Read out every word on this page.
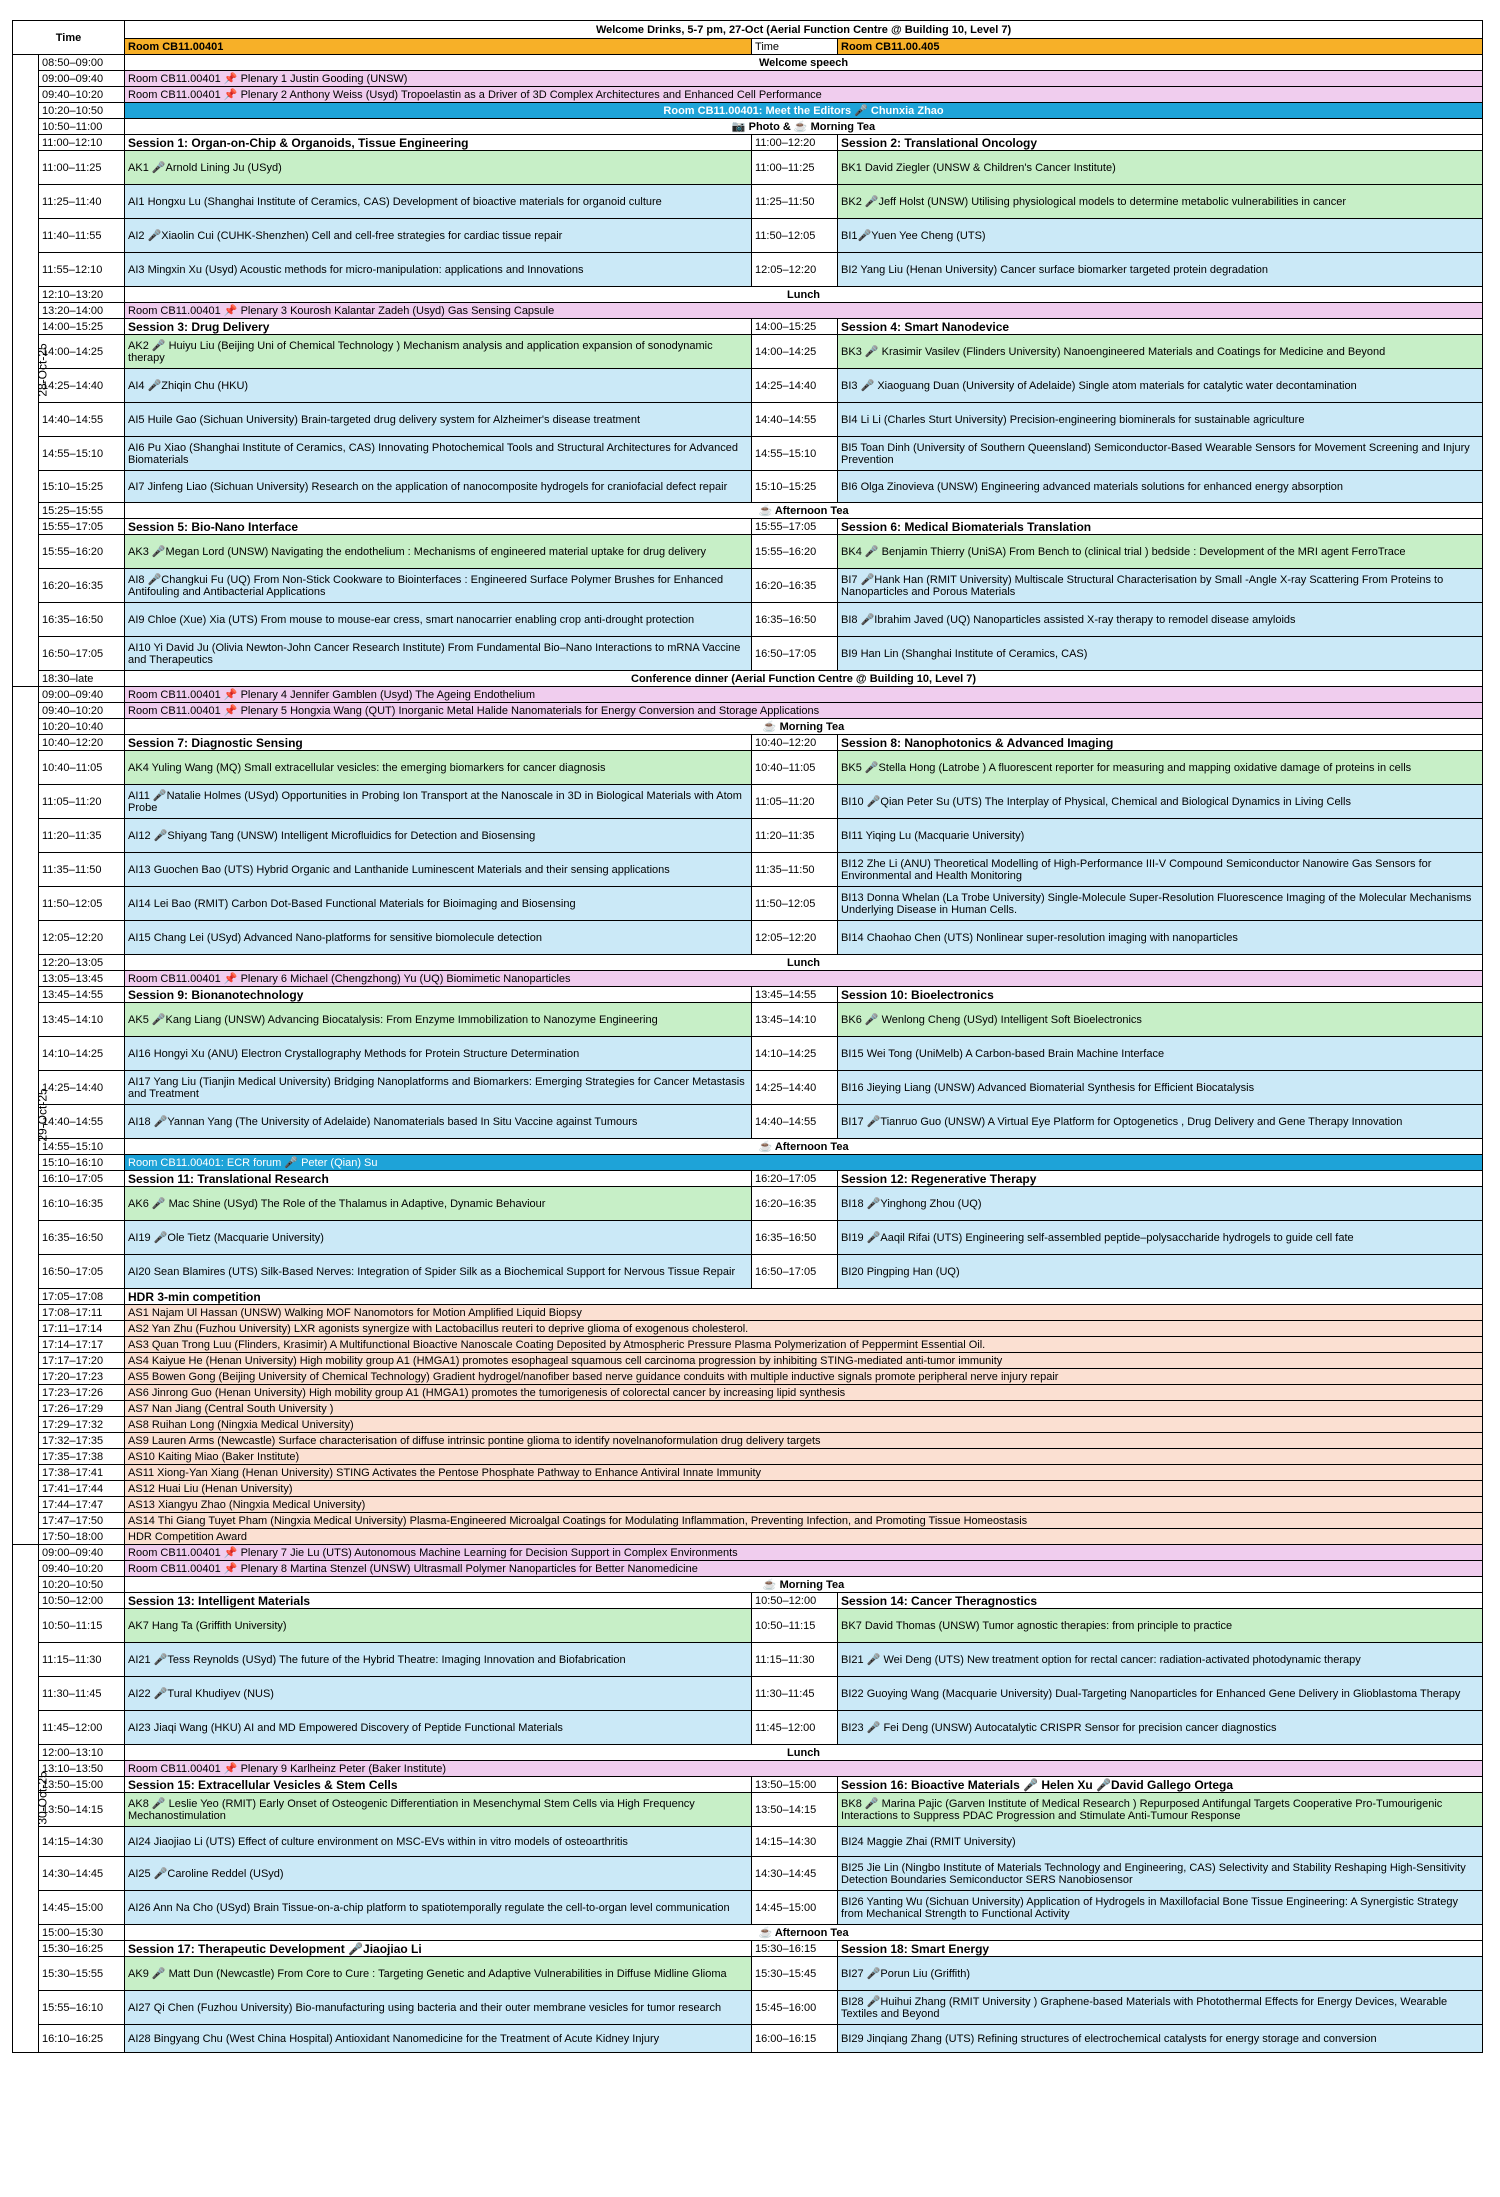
Time		Welcome Drinks, 5-7 pm, 27-Oct (Aerial Function Centre @ Building 10, Level 7)		
		Room CB11.00401	Time	Room CB11.00.405
28-Oct-25	08:50–09:00	Welcome speech		
	09:00–09:40	Room CB11.00401 📌 Plenary 1 Justin Gooding (UNSW)		
	09:40–10:20	Room CB11.00401 📌 Plenary 2 Anthony Weiss (Usyd) Tropoelastin as a Driver of 3D Complex Architectures and Enhanced Cell Performance		
	10:20–10:50	Room CB11.00401: Meet the Editors 🎤 Chunxia Zhao		
	10:50–11:00	📷 Photo & ☕ Morning Tea		
	11:00–12:10	Session 1: Organ-on-Chip & Organoids, Tissue Engineering	11:00–12:20	Session 2: Translational Oncology
	11:00–11:25	AK1 🎤Arnold Lining Ju (USyd)	11:00–11:25	BK1 David Ziegler (UNSW & Children's Cancer Institute)
	11:25–11:40	AI1 Hongxu Lu (Shanghai Institute of Ceramics, CAS) Development of bioactive materials for organoid culture	11:25–11:50	BK2 🎤Jeff Holst (UNSW) Utilising physiological models to determine metabolic vulnerabilities in cancer
	11:40–11:55	AI2 🎤Xiaolin Cui (CUHK-Shenzhen) Cell and cell-free strategies for cardiac tissue repair	11:50–12:05	BI1🎤Yuen Yee Cheng (UTS)
	11:55–12:10	AI3 Mingxin Xu (Usyd) Acoustic methods for micro-manipulation: applications and Innovations	12:05–12:20	BI2 Yang Liu (Henan University) Cancer surface biomarker targeted protein degradation
	12:10–13:20	Lunch		
	13:20–14:00	Room CB11.00401 📌 Plenary 3 Kourosh Kalantar Zadeh (Usyd) Gas Sensing Capsule		
	14:00–15:25	Session 3: Drug Delivery	14:00–15:25	Session 4: Smart Nanodevice
	14:00–14:25	AK2 🎤 Huiyu Liu (Beijing Uni of Chemical Technology ) Mechanism analysis and application expansion of sonodynamic therapy	14:00–14:25	BK3 🎤 Krasimir Vasilev (Flinders University) Nanoengineered Materials and Coatings for Medicine and Beyond
	14:25–14:40	AI4 🎤Zhiqin Chu (HKU)	14:25–14:40	BI3 🎤 Xiaoguang Duan (University of Adelaide) Single atom materials for catalytic water decontamination
	14:40–14:55	AI5 Huile Gao (Sichuan University) Brain-targeted drug delivery system for Alzheimer's disease treatment	14:40–14:55	BI4 Li Li (Charles Sturt University) Precision-engineering biominerals for sustainable agriculture
	14:55–15:10	AI6 Pu Xiao (Shanghai Institute of Ceramics, CAS) Innovating Photochemical Tools and Structural Architectures for Advanced Biomaterials	14:55–15:10	BI5 Toan Dinh (University of Southern Queensland) Semiconductor-Based Wearable Sensors for Movement Screening and Injury Prevention
	15:10–15:25	AI7 Jinfeng Liao (Sichuan University) Research on the application of nanocomposite hydrogels for craniofacial defect repair	15:10–15:25	BI6 Olga Zinovieva (UNSW) Engineering advanced materials solutions for enhanced energy absorption
	15:25–15:55	☕ Afternoon Tea		
	15:55–17:05	Session 5: Bio-Nano Interface	15:55–17:05	Session 6: Medical Biomaterials Translation
	15:55–16:20	AK3 🎤Megan Lord (UNSW) Navigating the endothelium : Mechanisms of engineered material uptake for drug delivery	15:55–16:20	BK4 🎤 Benjamin Thierry (UniSA) From Bench to (clinical trial ) bedside : Development of the MRI agent FerroTrace
	16:20–16:35	AI8 🎤Changkui Fu (UQ) From Non-Stick Cookware to Biointerfaces : Engineered Surface Polymer Brushes for Enhanced Antifouling and Antibacterial Applications	16:20–16:35	BI7 🎤Hank Han (RMIT University) Multiscale Structural Characterisation by Small -Angle X-ray Scattering From Proteins to Nanoparticles and Porous Materials
	16:35–16:50	AI9 Chloe (Xue) Xia (UTS) From mouse to mouse-ear cress, smart nanocarrier enabling crop anti-drought protection	16:35–16:50	BI8 🎤Ibrahim Javed (UQ) Nanoparticles assisted X-ray therapy to remodel disease amyloids
	16:50–17:05	AI10 Yi David Ju (Olivia Newton-John Cancer Research Institute) From Fundamental Bio–Nano Interactions to mRNA Vaccine and Therapeutics	16:50–17:05	BI9 Han Lin (Shanghai Institute of Ceramics, CAS)
	18:30–late	Conference dinner (Aerial Function Centre @ Building 10, Level 7)		
29-Oct-25	09:00–09:40	Room CB11.00401 📌 Plenary 4 Jennifer Gamblen (Usyd) The Ageing Endothelium		
	09:40–10:20	Room CB11.00401 📌 Plenary 5 Hongxia Wang (QUT) Inorganic Metal Halide Nanomaterials for Energy Conversion and Storage Applications		
	10:20–10:40	☕ Morning Tea		
	10:40–12:20	Session 7: Diagnostic Sensing	10:40–12:20	Session 8: Nanophotonics & Advanced Imaging
	10:40–11:05	AK4 Yuling Wang (MQ) Small extracellular vesicles: the emerging biomarkers for cancer diagnosis	10:40–11:05	BK5 🎤Stella Hong (Latrobe ) A fluorescent reporter for measuring and mapping oxidative damage of proteins in cells
	11:05–11:20	AI11 🎤Natalie Holmes (USyd) Opportunities in Probing Ion Transport at the Nanoscale in 3D in Biological Materials with Atom Probe	11:05–11:20	BI10 🎤Qian Peter Su (UTS) The Interplay of Physical, Chemical and Biological Dynamics in Living Cells
	11:20–11:35	AI12 🎤Shiyang Tang (UNSW) Intelligent Microfluidics for Detection and Biosensing	11:20–11:35	BI11 Yiqing Lu (Macquarie University)
	11:35–11:50	AI13 Guochen Bao (UTS) Hybrid Organic and Lanthanide Luminescent Materials and their sensing applications	11:35–11:50	BI12 Zhe Li (ANU) Theoretical Modelling of High-Performance III-V Compound Semiconductor Nanowire Gas Sensors for Environmental and Health Monitoring
	11:50–12:05	AI14 Lei Bao (RMIT) Carbon Dot-Based Functional Materials for Bioimaging and Biosensing	11:50–12:05	BI13 Donna Whelan (La Trobe University) Single-Molecule Super-Resolution Fluorescence Imaging of the Molecular Mechanisms Underlying Disease in Human Cells.
	12:05–12:20	AI15 Chang Lei (USyd) Advanced Nano-platforms for sensitive biomolecule detection	12:05–12:20	BI14 Chaohao Chen (UTS) Nonlinear super-resolution imaging with nanoparticles
	12:20–13:05	Lunch		
	13:05–13:45	Room CB11.00401 📌 Plenary 6 Michael (Chengzhong) Yu (UQ) Biomimetic Nanoparticles		
	13:45–14:55	Session 9: Bionanotechnology	13:45–14:55	Session 10: Bioelectronics
	13:45–14:10	AK5 🎤Kang Liang (UNSW) Advancing Biocatalysis: From Enzyme Immobilization to Nanozyme Engineering	13:45–14:10	BK6 🎤 Wenlong Cheng (USyd) Intelligent Soft Bioelectronics
	14:10–14:25	AI16 Hongyi Xu (ANU) Electron Crystallography Methods for Protein Structure Determination	14:10–14:25	BI15 Wei Tong (UniMelb) A Carbon-based Brain Machine Interface
	14:25–14:40	AI17 Yang Liu (Tianjin Medical University) Bridging Nanoplatforms and Biomarkers: Emerging Strategies for Cancer Metastasis and Treatment	14:25–14:40	BI16 Jieying Liang (UNSW) Advanced Biomaterial Synthesis for Efficient Biocatalysis
	14:40–14:55	AI18 🎤Yannan Yang (The University of Adelaide) Nanomaterials based In Situ Vaccine against Tumours	14:40–14:55	BI17 🎤Tianruo Guo (UNSW) A Virtual Eye Platform for Optogenetics , Drug Delivery and Gene Therapy Innovation
	14:55–15:10	☕ Afternoon Tea		
	15:10–16:10	Room CB11.00401: ECR forum 🎤 Peter (Qian) Su		
	16:10–17:05	Session 11: Translational Research	16:20–17:05	Session 12: Regenerative Therapy
	16:10–16:35	AK6 🎤 Mac Shine (USyd) The Role of the Thalamus in Adaptive, Dynamic Behaviour	16:20–16:35	BI18 🎤Yinghong Zhou (UQ)
	16:35–16:50	AI19 🎤Ole Tietz (Macquarie University)	16:35–16:50	BI19 🎤Aaqil Rifai (UTS) Engineering self-assembled peptide–polysaccharide hydrogels to guide cell fate
	16:50–17:05	AI20 Sean Blamires (UTS) Silk-Based Nerves: Integration of Spider Silk as a Biochemical Support for Nervous Tissue Repair	16:50–17:05	BI20 Pingping Han (UQ)
	17:05–17:08	HDR 3-min competition		
	17:08–17:11	AS1 Najam Ul Hassan (UNSW) Walking MOF Nanomotors for Motion Amplified Liquid Biopsy		
	17:11–17:14	AS2 Yan Zhu (Fuzhou University) LXR agonists synergize with Lactobacillus reuteri to deprive glioma of exogenous cholesterol.		
	17:14–17:17	AS3 Quan Trong Luu (Flinders, Krasimir) A Multifunctional Bioactive Nanoscale Coating Deposited by Atmospheric Pressure Plasma Polymerization of Peppermint Essential Oil.		
	17:17–17:20	AS4 Kaiyue He (Henan University) High mobility group A1 (HMGA1) promotes esophageal squamous cell carcinoma progression by inhibiting STING-mediated anti-tumor immunity		
	17:20–17:23	AS5 Bowen Gong (Beijing University of Chemical Technology) Gradient hydrogel/nanofiber based nerve guidance conduits with multiple inductive signals promote peripheral nerve injury repair		
	17:23–17:26	AS6 Jinrong Guo (Henan University) High mobility group A1 (HMGA1) promotes the tumorigenesis of colorectal cancer by increasing lipid synthesis		
	17:26–17:29	AS7 Nan Jiang (Central South University )		
	17:29–17:32	AS8 Ruihan Long (Ningxia Medical University)		
	17:32–17:35	AS9 Lauren Arms (Newcastle) Surface characterisation of diffuse intrinsic pontine glioma to identify novelnanoformulation drug delivery targets		
	17:35–17:38	AS10 Kaiting Miao (Baker Institute)		
	17:38–17:41	AS11 Xiong-Yan Xiang (Henan University) STING Activates the Pentose Phosphate Pathway to Enhance Antiviral Innate Immunity		
	17:41–17:44	AS12 Huai Liu (Henan University)		
	17:44–17:47	AS13 Xiangyu Zhao (Ningxia Medical University)		
	17:47–17:50	AS14 Thi Giang Tuyet Pham (Ningxia Medical University) Plasma-Engineered Microalgal Coatings for Modulating Inflammation, Preventing Infection, and Promoting Tissue Homeostasis		
	17:50–18:00	HDR Competition Award		
30-Oct-25	09:00–09:40	Room CB11.00401 📌 Plenary 7 Jie Lu (UTS) Autonomous Machine Learning for Decision Support in Complex Environments		
	09:40–10:20	Room CB11.00401 📌 Plenary 8 Martina Stenzel (UNSW) Ultrasmall Polymer Nanoparticles for Better Nanomedicine		
	10:20–10:50	☕ Morning Tea		
	10:50–12:00	Session 13: Intelligent Materials	10:50–12:00	Session 14: Cancer Theragnostics
	10:50–11:15	AK7 Hang Ta (Griffith University)	10:50–11:15	BK7 David Thomas (UNSW) Tumor agnostic therapies: from principle to practice
	11:15–11:30	AI21 🎤Tess Reynolds (USyd) The future of the Hybrid Theatre: Imaging Innovation and Biofabrication	11:15–11:30	BI21 🎤 Wei Deng (UTS) New treatment option for rectal cancer: radiation-activated photodynamic therapy
	11:30–11:45	AI22 🎤Tural Khudiyev (NUS)	11:30–11:45	BI22 Guoying Wang (Macquarie University) Dual-Targeting Nanoparticles for Enhanced Gene Delivery in Glioblastoma Therapy
	11:45–12:00	AI23 Jiaqi Wang (HKU) AI and MD Empowered Discovery of Peptide Functional Materials	11:45–12:00	BI23 🎤 Fei Deng (UNSW) Autocatalytic CRISPR Sensor for precision cancer diagnostics
	12:00–13:10	Lunch		
	13:10–13:50	Room CB11.00401 📌 Plenary 9 Karlheinz Peter (Baker Institute)		
	13:50–15:00	Session 15: Extracellular Vesicles & Stem Cells	13:50–15:00	Session 16: Bioactive Materials 🎤 Helen Xu 🎤David Gallego Ortega
	13:50–14:15	AK8 🎤 Leslie Yeo (RMIT) Early Onset of Osteogenic Differentiation in Mesenchymal Stem Cells via High Frequency Mechanostimulation	13:50–14:15	BK8 🎤 Marina Pajic (Garven Institute of Medical Research ) Repurposed Antifungal Targets Cooperative Pro-Tumourigenic Interactions to Suppress PDAC Progression and Stimulate Anti-Tumour Response
	14:15–14:30	AI24 Jiaojiao Li (UTS) Effect of culture environment on MSC-EVs within in vitro models of osteoarthritis	14:15–14:30	BI24 Maggie Zhai (RMIT University)
	14:30–14:45	AI25 🎤Caroline Reddel (USyd)	14:30–14:45	BI25 Jie Lin (Ningbo Institute of Materials Technology and Engineering, CAS) Selectivity and Stability Reshaping High-Sensitivity Detection Boundaries Semiconductor SERS Nanobiosensor
	14:45–15:00	AI26 Ann Na Cho (USyd) Brain Tissue-on-a-chip platform to spatiotemporally regulate the cell-to-organ level communication	14:45–15:00	BI26 Yanting Wu (Sichuan University) Application of Hydrogels in Maxillofacial Bone Tissue Engineering: A Synergistic Strategy from Mechanical Strength to Functional Activity
	15:00–15:30	☕ Afternoon Tea		
	15:30–16:25	Session 17: Therapeutic Development 🎤Jiaojiao Li	15:30–16:15	Session 18: Smart Energy
	15:30–15:55	AK9 🎤 Matt Dun (Newcastle) From Core to Cure : Targeting Genetic and Adaptive Vulnerabilities in Diffuse Midline Glioma	15:30–15:45	BI27 🎤Porun Liu (Griffith)
	15:55–16:10	AI27 Qi Chen (Fuzhou University) Bio-manufacturing using bacteria and their outer membrane vesicles for tumor research	15:45–16:00	BI28 🎤Huihui Zhang (RMIT University ) Graphene-based Materials with Photothermal Effects for Energy Devices, Wearable Textiles and Beyond
	16:10–16:25	AI28 Bingyang Chu (West China Hospital) Antioxidant Nanomedicine for the Treatment of Acute Kidney Injury	16:00–16:15	BI29 Jinqiang Zhang (UTS) Refining structures of electrochemical catalysts for energy storage and conversion
